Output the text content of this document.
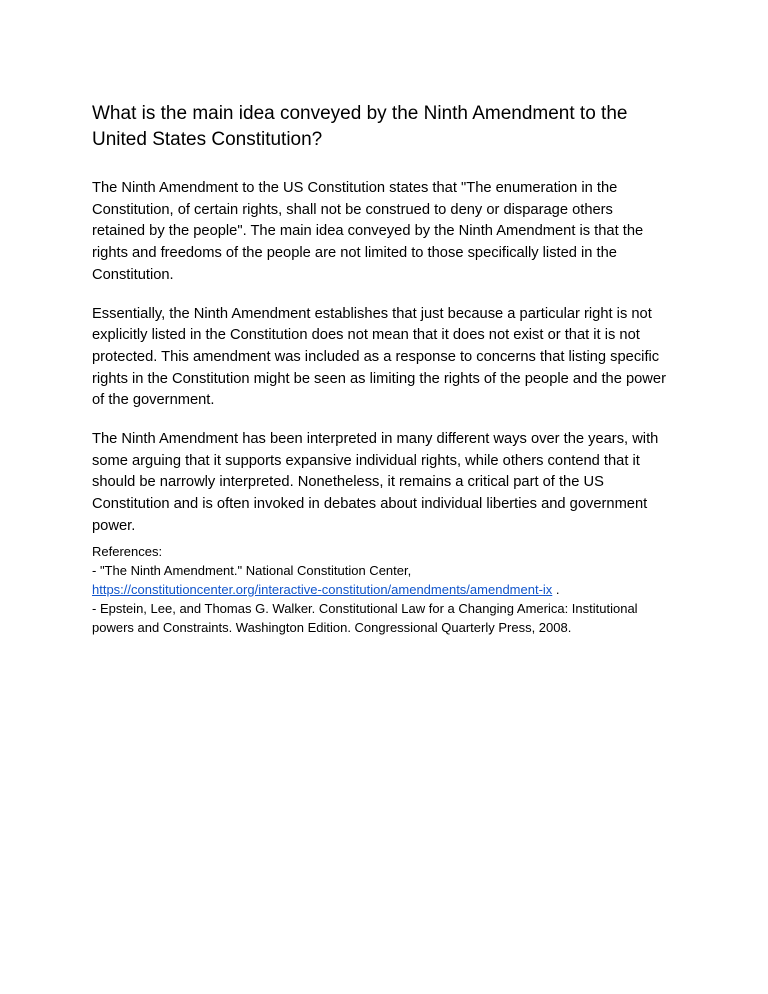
What is the main idea conveyed by the Ninth Amendment to the United States Constitution?

The Ninth Amendment to the US Constitution states that "The enumeration in the Constitution, of certain rights, shall not be construed to deny or disparage others retained by the people". The main idea conveyed by the Ninth Amendment is that the rights and freedoms of the people are not limited to those specifically listed in the Constitution.

Essentially, the Ninth Amendment establishes that just because a particular right is not explicitly listed in the Constitution does not mean that it does not exist or that it is not protected. This amendment was included as a response to concerns that listing specific rights in the Constitution might be seen as limiting the rights of the people and the power of the government.

The Ninth Amendment has been interpreted in many different ways over the years, with some arguing that it supports expansive individual rights, while others contend that it should be narrowly interpreted. Nonetheless, it remains a critical part of the US Constitution and is often invoked in debates about individual liberties and government power.

References:

- "The Ninth Amendment." National Constitution Center, https://constitutioncenter.org/interactive-constitution/amendments/amendment-ix .

- Epstein, Lee, and Thomas G. Walker. Constitutional Law for a Changing America: Institutional powers and Constraints. Washington Edition. Congressional Quarterly Press, 2008.
